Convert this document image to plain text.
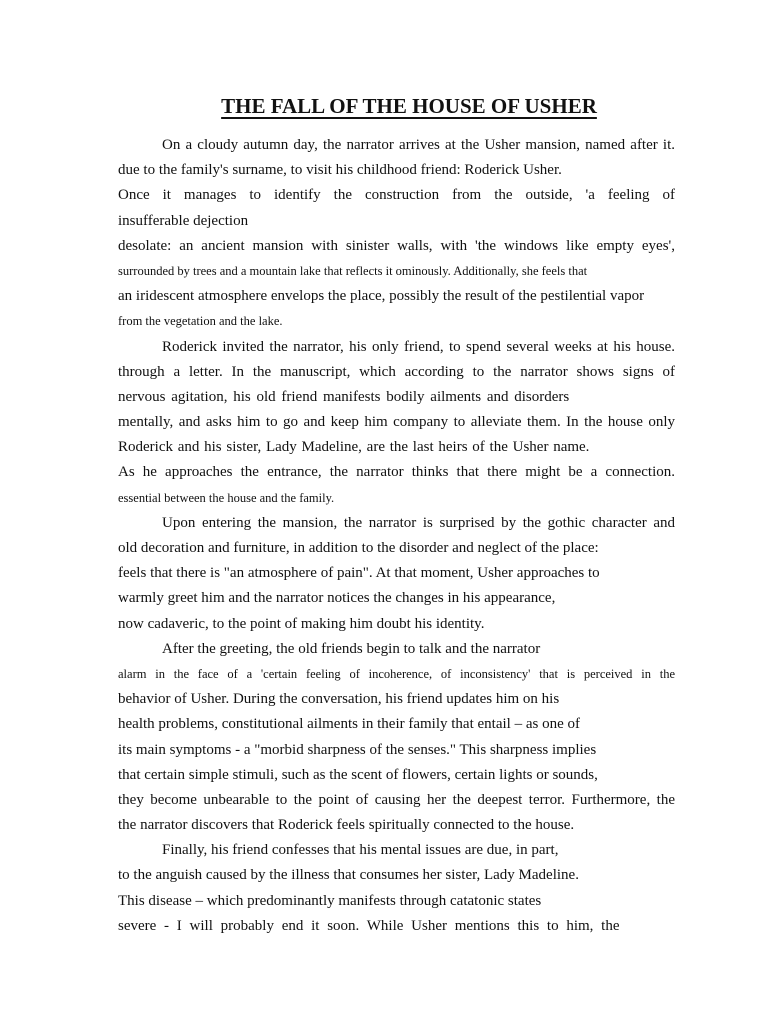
THE FALL OF THE HOUSE OF USHER
On a cloudy autumn day, the narrator arrives at the Usher mansion, named after it.
due to the family's surname, to visit his childhood friend: Roderick Usher.
Once it manages to identify the construction from the outside, 'a feeling of
insufferable dejection
desolate: an ancient mansion with sinister walls, with 'the windows like empty eyes',
surrounded by trees and a mountain lake that reflects it ominously. Additionally, she feels that
an iridescent atmosphere envelops the place, possibly the result of the pestilential vapor
from the vegetation and the lake.
Roderick invited the narrator, his only friend, to spend several weeks at his house.
through a letter. In the manuscript, which according to the narrator shows signs of
nervous agitation, his old friend manifests bodily ailments and disorders
mentally, and asks him to go and keep him company to alleviate them. In the house only
Roderick and his sister, Lady Madeline, are the last heirs of the Usher name.
As he approaches the entrance, the narrator thinks that there might be a connection.
essential between the house and the family.
Upon entering the mansion, the narrator is surprised by the gothic character and
old decoration and furniture, in addition to the disorder and neglect of the place:
feels that there is "an atmosphere of pain". At that moment, Usher approaches to
warmly greet him and the narrator notices the changes in his appearance,
now cadaveric, to the point of making him doubt his identity.
After the greeting, the old friends begin to talk and the narrator
alarm in the face of a 'certain feeling of incoherence, of inconsistency' that is perceived in the
behavior of Usher. During the conversation, his friend updates him on his
health problems, constitutional ailments in their family that entail – as one of
its main symptoms - a "morbid sharpness of the senses." This sharpness implies
that certain simple stimuli, such as the scent of flowers, certain lights or sounds,
they become unbearable to the point of causing her the deepest terror. Furthermore, the
the narrator discovers that Roderick feels spiritually connected to the house.
Finally, his friend confesses that his mental issues are due, in part,
to the anguish caused by the illness that consumes her sister, Lady Madeline.
This disease – which predominantly manifests through catatonic states
severe - I will probably end it soon. While Usher mentions this to him, the
